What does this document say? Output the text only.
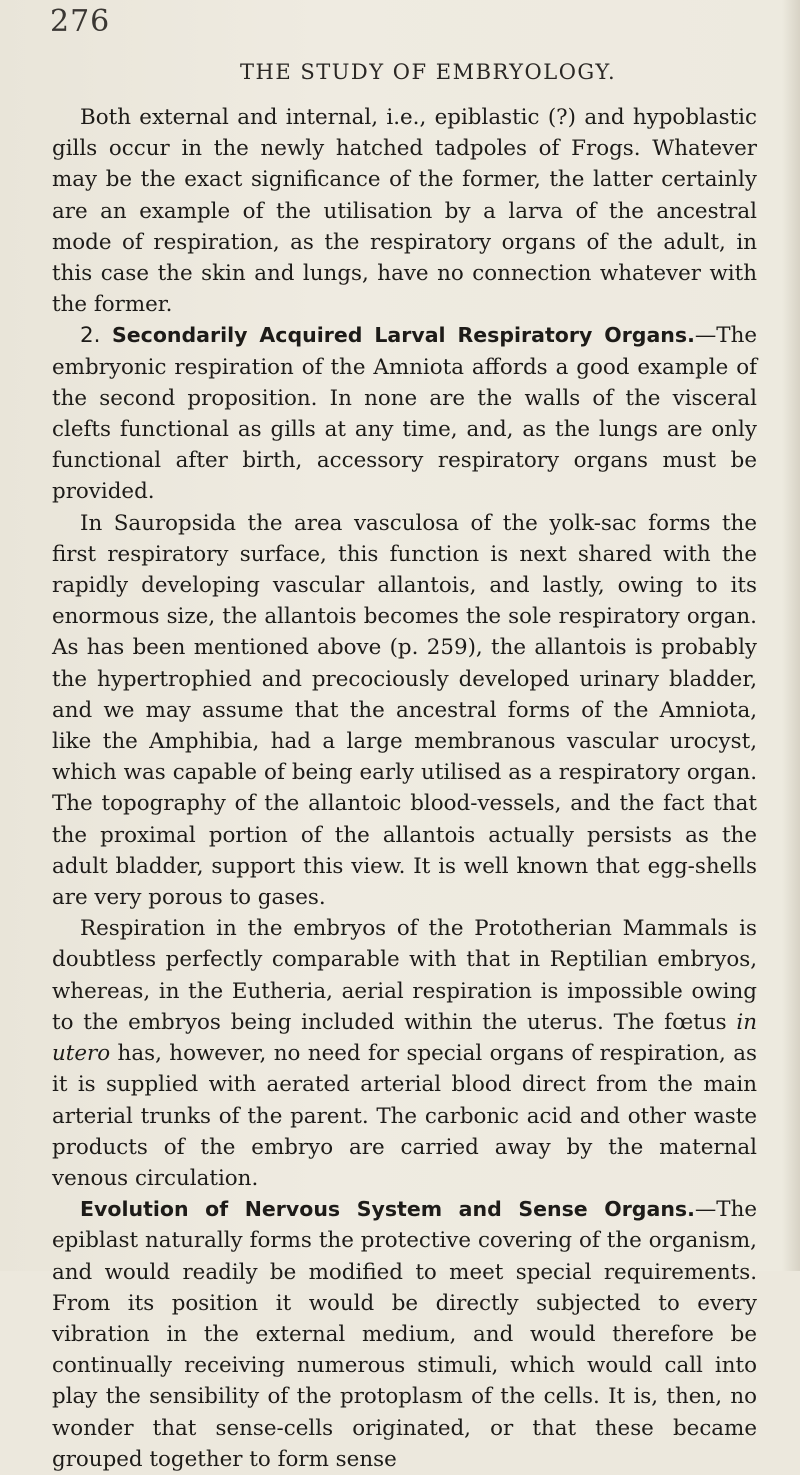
276
THE STUDY OF EMBRYOLOGY.

Both external and internal, i.e., epiblastic (?) and hypoblastic gills occur in the newly hatched tadpoles of Frogs. Whatever may be the exact significance of the former, the latter certainly are an example of the utilisation by a larva of the ancestral mode of respiration, as the respiratory organs of the adult, in this case the skin and lungs, have no connection whatever with the former.

2. Secondarily Acquired Larval Respiratory Organs.—The embryonic respiration of the Amniota affords a good example of the second proposition. In none are the walls of the visceral clefts functional as gills at any time, and, as the lungs are only functional after birth, accessory respiratory organs must be provided.

In Sauropsida the area vasculosa of the yolk-sac forms the first respiratory surface, this function is next shared with the rapidly developing vascular allantois, and lastly, owing to its enormous size, the allantois becomes the sole respiratory organ. As has been mentioned above (p. 259), the allantois is probably the hypertrophied and precociously developed urinary bladder, and we may assume that the ancestral forms of the Amniota, like the Amphibia, had a large membranous vascular urocyst, which was capable of being early utilised as a respiratory organ. The topography of the allantoic blood-vessels, and the fact that the proximal portion of the allantois actually persists as the adult bladder, support this view. It is well known that egg-shells are very porous to gases.

Respiration in the embryos of the Prototherian Mammals is doubtless perfectly comparable with that in Reptilian embryos, whereas, in the Eutheria, aerial respiration is impossible owing to the embryos being included within the uterus. The fœtus in utero has, however, no need for special organs of respiration, as it is supplied with aerated arterial blood direct from the main arterial trunks of the parent. The carbonic acid and other waste products of the embryo are carried away by the maternal venous circulation.

Evolution of Nervous System and Sense Organs.—The epiblast naturally forms the protective covering of the organism, and would readily be modified to meet special requirements. From its position it would be directly subjected to every vibration in the external medium, and would therefore be continually receiving numerous stimuli, which would call into play the sensibility of the protoplasm of the cells. It is, then, no wonder that sense-cells originated, or that these became grouped together to form sense
